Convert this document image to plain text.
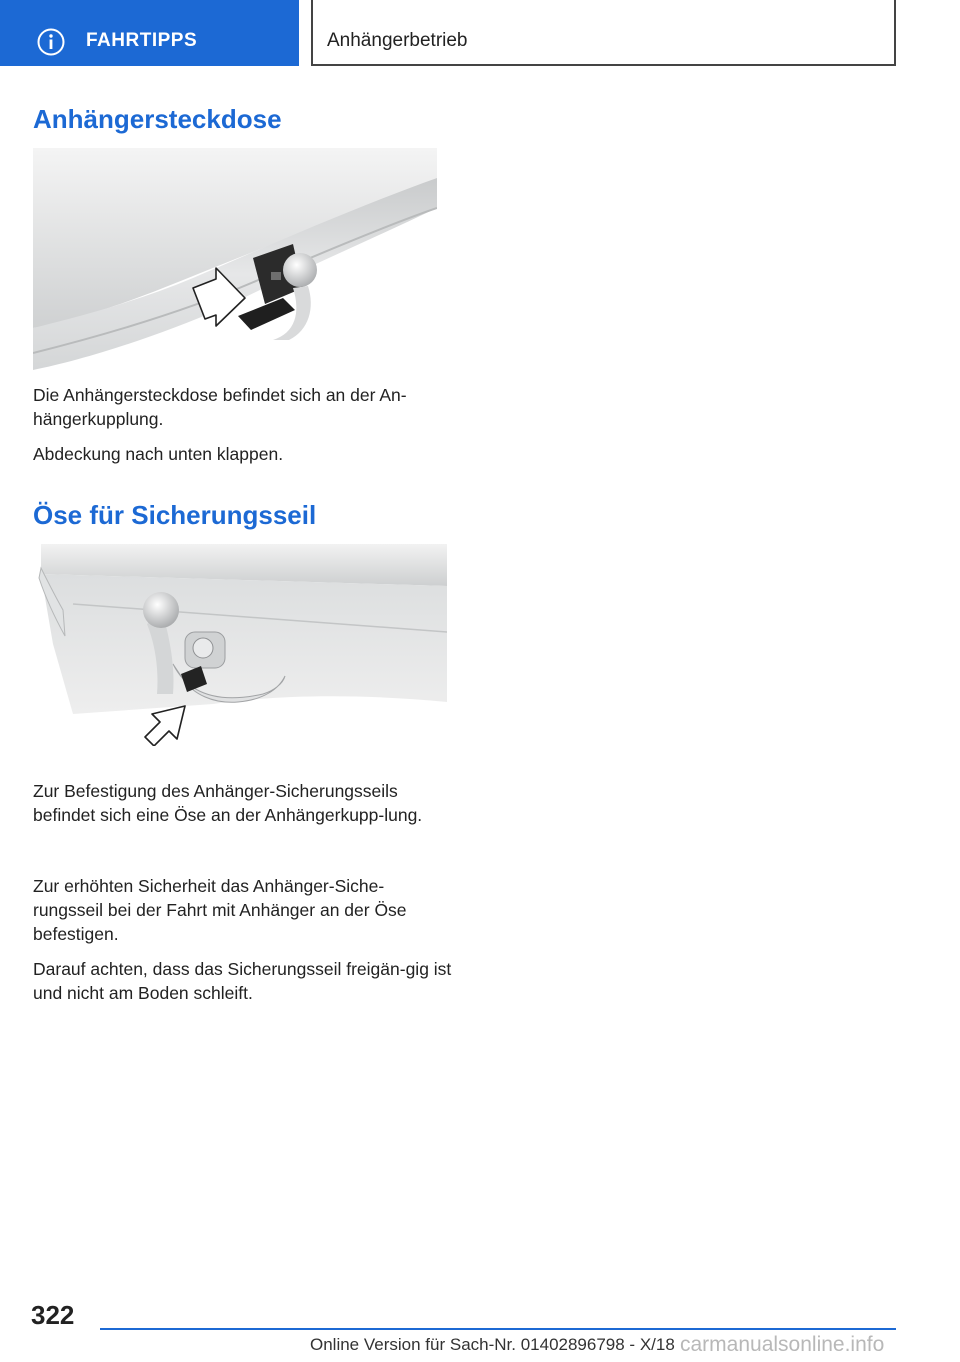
FAHRTIPPS	Anhängerbetrieb
Anhängersteckdose

Die Anhängersteckdose befindet sich an der An‐hängerkupplung.

Abdeckung nach unten klappen.

Öse für Sicherungsseil

Zur Befestigung des Anhänger-Sicherungsseils befindet sich eine Öse an der Anhängerkupp‐lung.

Zur erhöhten Sicherheit das Anhänger-Siche‐rungsseil bei der Fahrt mit Anhänger an der Öse befestigen.

Darauf achten, dass das Sicherungsseil freigän‐gig ist und nicht am Boden schleift.

322
Online Version für Sach-Nr. 01402896798 - X/18 carmanualsonline.info
